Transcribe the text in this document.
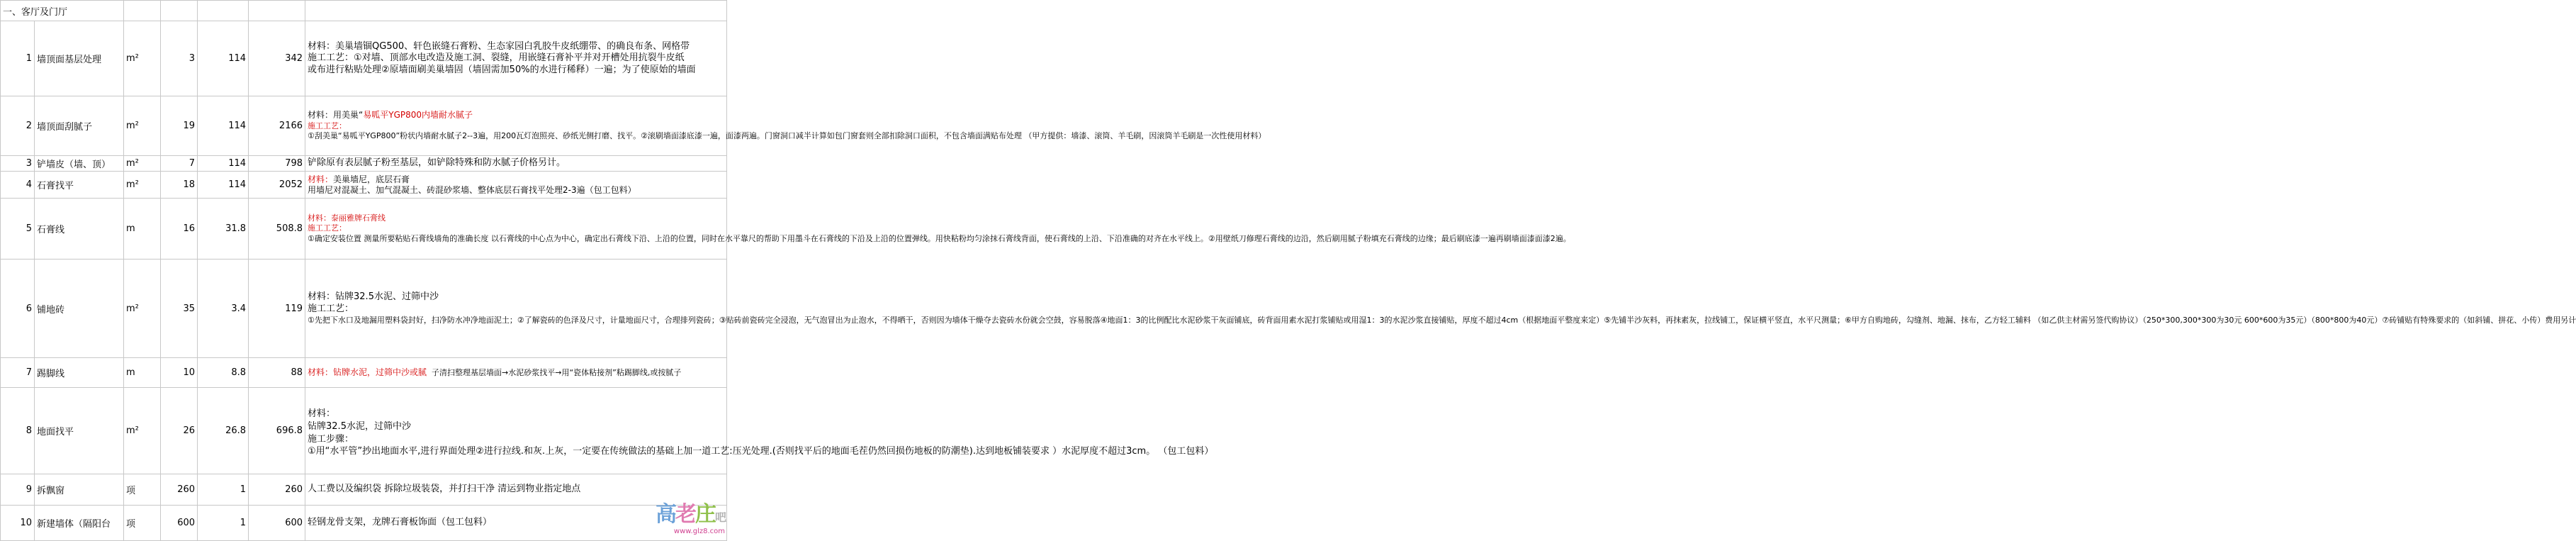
一、客厅及门厅						
1	墙顶面基层处理	m²	3	114	342	材料：美巢墙锢QG500、轩色嵌缝石膏粉、生态家园白乳胶牛皮纸绷带、的确良布条、网格带
施工工艺：①对墙、顶部水电改造及施工洞、裂缝，用嵌缝石膏补平并对开槽处用抗裂牛皮纸
或布进行粘贴处理②原墙面刷美巢墙固（墙固需加50%的水进行稀释）一遍；为了使原始的墙面

2	墙顶面刮腻子	m²	19	114	2166	材料：用美巢“易呱平YGP800内墙耐水腻子
施工工艺：
①刮美巢“易呱平YGP800”粉状内墙耐水腻子2--3遍，用200瓦灯泡照亮、砂纸光侧打磨、找平。②滚刷墙面漆底漆一遍，面漆两遍。门窗洞口减半计算如包门窗套则全部扣除洞口面积，不包含墙面满贴布处理 （甲方提供：墙漆、滚筒、羊毛刷，因滚筒羊毛刷是一次性使用材料）

3	铲墙皮（墙、顶）	m²	7	114	798	铲除原有表层腻子粉至基层，如铲除特殊和防水腻子价格另计。
4	石膏找平	m²	18	114	2052	材料：美巢墙尼，底层石膏
用墙尼对混凝土、加气混凝土、砖混砂浆墙、整体底层石膏找平处理2-3遍（包工包料）

5	石膏线	m	16	31.8	508.8	材料：泰丽雅牌石膏线
施工工艺：
①确定安装位置 测量所要粘贴石膏线墙角的准确长度 以石膏线的中心点为中心，确定出石膏线下沿、上沿的位置，同时在水平靠尺的帮助下用墨斗在石膏线的下沿及上沿的位置弹线。用快粘粉均匀涂抹石膏线背面，使石膏线的上沿、下沿准确的对齐在水平线上。②用壁纸刀修理石膏线的边沿，然后刷用腻子粉填充石膏线的边缘；最后刷底漆一遍再刷墙面漆面漆2遍。

6	铺地砖	m²	35	3.4	119	材料：钻牌32.5水泥、过筛中沙
施工工艺：
①先把下水口及地漏用塑料袋封好，扫净防水冲净地面泥土；②了解瓷砖的色泽及尺寸，计量地面尺寸，合理排列瓷砖；③贴砖前瓷砖完全浸泡，无气泡冒出为止泡水，不得晒干，否则因为墙体干燥夺去瓷砖水份就会空鼓，容易脱落④地面1：3的比例配比水泥砂浆干灰面铺底，砖背面用素水泥打浆铺贴或用湿1：3的水泥沙浆直接铺贴，厚度不超过4cm（根据地面平整度来定）⑤先铺半沙灰料，再抹素灰，拉线铺工，保证横平竖直，水平尺测量；⑥甲方自购地砖，勾缝剂、地漏、抹布，乙方轻工辅料 （如乙供主材需另签代购协议）（250*300,300*300为30元 600*600为35元）（800*800为40元）⑦砖铺贴有特殊要求的（如斜铺、拼花、小传）费用另计

7	踢脚线	m	10	8.8	88	材料：钻牌水泥，过筛中沙或腻 子清扫整理基层墙面→水泥砂浆找平→用“瓷体粘接剂”粘踢脚线,或按腻子
8	地面找平	m²	26	26.8	696.8	材料：
钻牌32.5水泥，过筛中沙
施工步骤：
①用“水平管”抄出地面水平,进行界面处理②进行拉线.和灰.上灰，一定要在传统做法的基础上加一道工艺:压光处理.(否则找平后的地面毛茬仍然回损伤地板的防潮垫).达到地板铺装要求 ）水泥厚度不超过3cm。 （包工包料）

9	拆飘窗	项	260	1	260	人工费以及编织袋 拆除垃圾装袋，并打扫干净 清运到物业指定地点
10	新建墙体（隔阳台	项	600	1	600	轻钢龙骨支架，龙牌石膏板饰面（包工包料）	高老庄吧
www.glz8.com
